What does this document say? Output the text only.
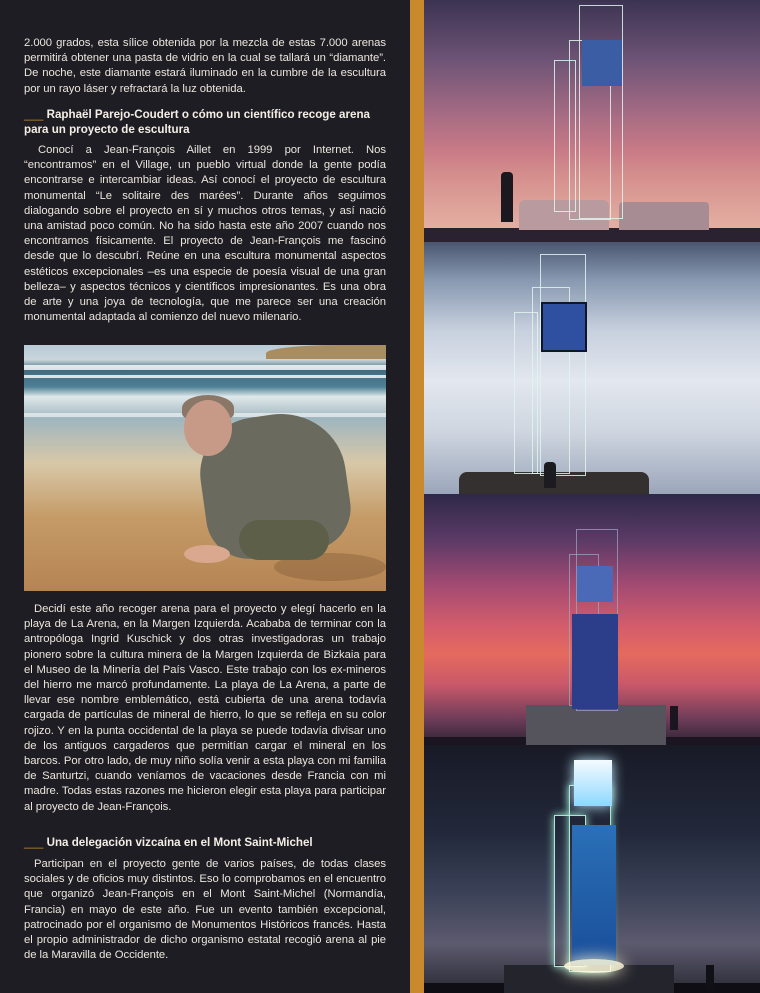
2.000 grados, esta sílice obtenida por la mezcla de estas 7.000 arenas permitirá obtener una pasta de vidrio en la cual se tallará un “diamante”. De noche, este diamante estará iluminado en la cumbre de la escultura por un rayo láser y refractará la luz obtenida.

___ Raphaël Parejo-Coudert o cómo un científico recoge arena para un proyecto de escultura

Conocí a Jean-François Aillet en 1999 por Internet. Nos “encontramos” en el Village, un pueblo virtual donde la gente podía encontrarse e intercambiar ideas. Así conocí el proyecto de escultura monumental “Le solitaire des marées”. Durante años seguimos dialogando sobre el proyecto en sí y muchos otros temas, y así nació una amistad poco común. No ha sido hasta este año 2007 cuando nos encontramos físicamente. El proyecto de Jean-François me fascinó desde que lo descubrí. Reúne en una escultura monumental aspectos estéticos excepcionales –es una especie de poesía visual de una gran belleza– y aspectos técnicos y científicos impresionantes. Es una obra de arte y una joya de tecnología, que me parece ser una creación monumental adaptada al comienzo del nuevo milenario.

Decidí este año recoger arena para el proyecto y elegí hacerlo en la playa de La Arena, en la Margen Izquierda. Acababa de terminar con la antropóloga Ingrid Kuschick y dos otras investigadoras un trabajo pionero sobre la cultura minera de la Margen Izquierda de Bizkaia para el Museo de la Minería del País Vasco. Este trabajo con los ex-mineros del hierro me marcó profundamente. La playa de La Arena, a parte de llevar ese nombre emblemático, está cubierta de una arena todavía cargada de partículas de mineral de hierro, lo que se refleja en su color rojizo. Y en la punta occidental de la playa se puede todavía divisar uno de los antiguos cargaderos que permitían cargar el mineral en los barcos. Por otro lado, de muy niño solía venir a esta playa con mi familia de Santurtzi, cuando veníamos de vacaciones desde Francia con mi madre. Todas estas razones me hicieron elegir esta playa para participar al proyecto de Jean-François.

___ Una delegación vizcaína en el Mont Saint-Michel

Participan en el proyecto gente de varios países, de todas clases sociales y de oficios muy distintos. Eso lo comprobamos en el encuentro que organizó Jean-François en el Mont Saint-Michel (Normandía, Francia) en mayo de este año. Fue un evento también excepcional, patrocinado por el organismo de Monumentos Históricos francés. Hasta el propio administrador de dicho organismo estatal recogió arena al pie de la Maravilla de Occidente.
